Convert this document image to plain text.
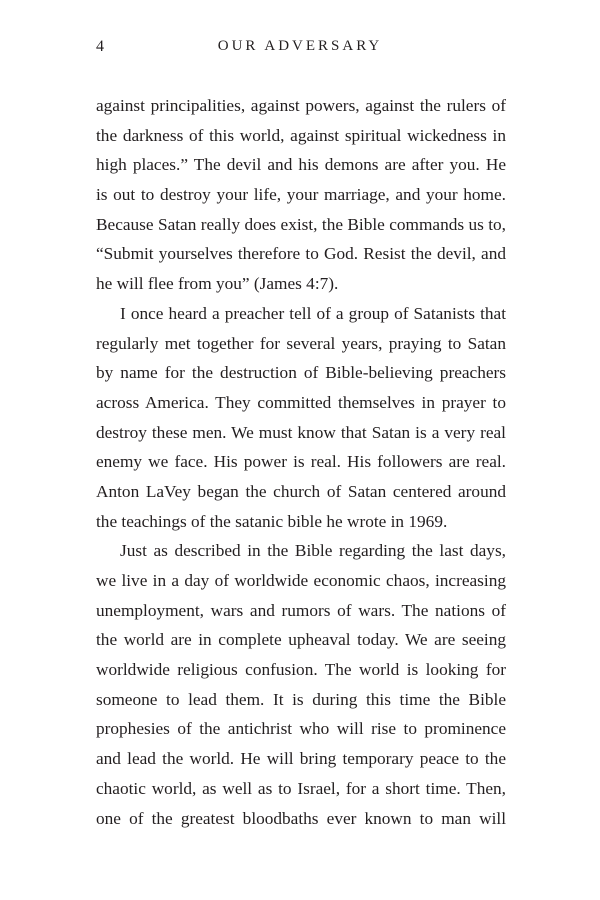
4	OUR ADVERSARY
against principalities, against powers, against the rulers of
the darkness of this world, against spiritual wickedness in
high places.” The devil and his demons are after you. He
is out to destroy your life, your marriage, and your home.
Because Satan really does exist, the Bible commands us to,
“Submit yourselves therefore to God. Resist the devil, and
he will flee from you” (James 4:7).
I once heard a preacher tell of a group of Satanists that
regularly met together for several years, praying to Satan
by name for the destruction of Bible-believing preachers
across America. They committed themselves in prayer to
destroy these men. We must know that Satan is a very real
enemy we face. His power is real. His followers are real.
Anton LaVey began the church of Satan centered around
the teachings of the satanic bible he wrote in 1969.
Just as described in the Bible regarding the last days,
we live in a day of worldwide economic chaos, increasing
unemployment, wars and rumors of wars. The nations of
the world are in complete upheaval today. We are seeing
worldwide religious confusion. The world is looking for
someone to lead them. It is during this time the Bible
prophesies of the antichrist who will rise to prominence
and lead the world. He will bring temporary peace to the
chaotic world, as well as to Israel, for a short time. Then,
one of the greatest bloodbaths ever known to man will
